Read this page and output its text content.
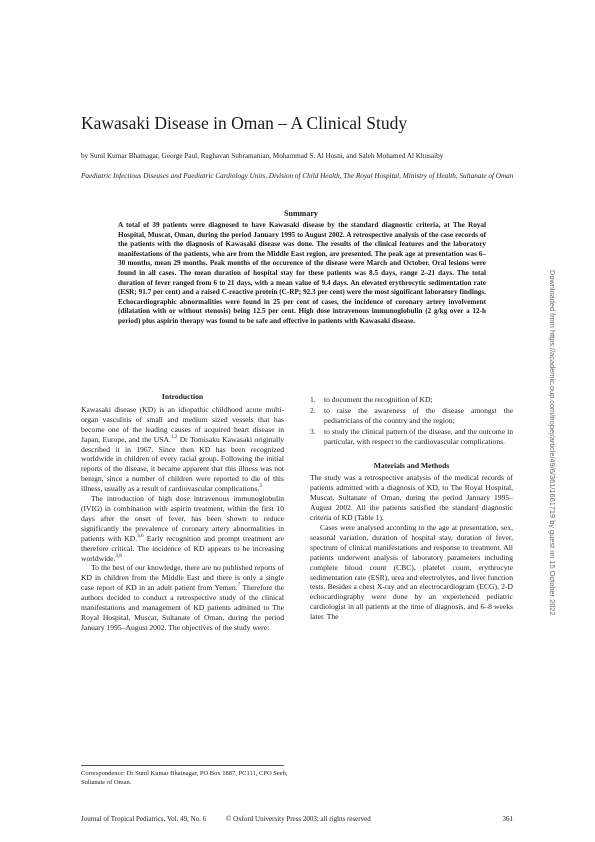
Kawasaki Disease in Oman – A Clinical Study
by Sunil Kumar Bhatnagar, George Paul, Raghavan Subramanian, Mohammad S. Al Hosni, and Saleh Mohamed Al Khusaiby
Paediatric Infectious Diseases and Paediatric Cardiology Units, Division of Child Health, The Royal Hospital, Ministry of Health, Sultanate of Oman
Summary
A total of 39 patients were diagnosed to have Kawasaki disease by the standard diagnostic criteria, at The Royal Hospital, Muscat, Oman, during the period January 1995 to August 2002. A retrospective analysis of the case records of the patients with the diagnosis of Kawasaki disease was done. The results of the clinical features and the laboratory manifestations of the patients, who are from the Middle East region, are presented. The peak age at presentation was 6–30 months, mean 29 months. Peak months of the occurence of the disease were March and October. Oral lesions were found in all cases. The mean duration of hospital stay for these patients was 8.5 days, range 2–21 days. The total duration of fever ranged from 6 to 21 days, with a mean value of 9.4 days. An elevated erythrocytic sedimentation rate (ESR; 91.7 per cent) and a raised C-reactive protein (C-RP; 92.3 per cent) were the most significant laboratory findings. Echocardiographic abnormalities were found in 25 per cent of cases, the incidence of coronary artery involvement (dilatation with or without stenosis) being 12.5 per cent. High dose intravenous immunoglobulin (2 g/kg over a 12-h period) plus aspirin therapy was found to be safe and effective in patients with Kawasaki disease.
Introduction

Kawasaki disease (KD) is an idiopathic childhood acute multi-organ vasculitis of small and medium sized vessels that has become one of the leading causes of acquired heart disease in Japan, Europe, and the USA.$^{1,2}$ Dr Tomisaku Kawasaki originally described it in 1967. Since then KD has been recognized worldwide in children of every racial group. Following the initial reports of the disease, it became apparent that this illness was not benign, since a number of children were reported to die of this illness, usually as a result of cardiovascular complications.$^3$

The introduction of high dose intravenous immunoglobulin (IVIG) in combination with aspirin treatment, within the first 10 days after the onset of fever, has been shown to reduce significantly the prevalence of coronary artery abnormalities in patients with KD.$^{3,6}$ Early recognition and prompt treatment are therefore critical. The incidence of KD appears to be increasing worldwide.$^{3,8}$

To the best of our knowledge, there are no published reports of KD in children from the Middle East and there is only a single case report of KD in an adult patient from Yemen.$^7$ Therefore the authors decided to conduct a retrospective study of the clinical manifestations and management of KD patients admitted to The Royal Hospital, Muscat, Sultanate of Oman, during the period January 1995–August 2002. The objectives of the study were:

1. to document the recognition of KD;
2. to raise the awareness of the disease amongst the pediatricians of the country and the region;
3. to study the clinical pattern of the disease, and the outcome in particular, with respect to the cardiovascular complications.
Materials and Methods

The study was a retrospective analysis of the medical records of patients admitted with a diagnosis of KD, to The Royal Hospital, Muscat, Sultanate of Oman, during the period January 1995–August 2002. All the patients satisfied the standard diagnostic criteria of KD (Table 1).

Cases were analysed according to the age at presentation, sex, seasonal variation, duration of hospital stay, duration of fever, spectrum of clinical manifestations and response to treatment. All patients underwent analysis of laboratory parameters including complete blood count (CBC), platelet count, erythrocyte sedimentation rate (ESR), urea and electrolytes, and liver function tests. Besides a chest X-ray and an electrocardiogram (ECG), 2-D echocardiography were done by an experienced pediatric cardiologist in all patients at the time of diagnosis, and 6–8 weeks later. The

Correspondence: Dr Sunil Kumar Bhatnagar, PO Box 1887, PC111, CPO Seeb, Sultanate of Oman.
Journal of Tropical Pediatrics, Vol. 49, No. 6	© Oxford University Press 2003; all rights reserved	361
Downloaded from https://academic.oup.com/tropej/article/49/6/361/1661719 by guest on 15 October 2022
